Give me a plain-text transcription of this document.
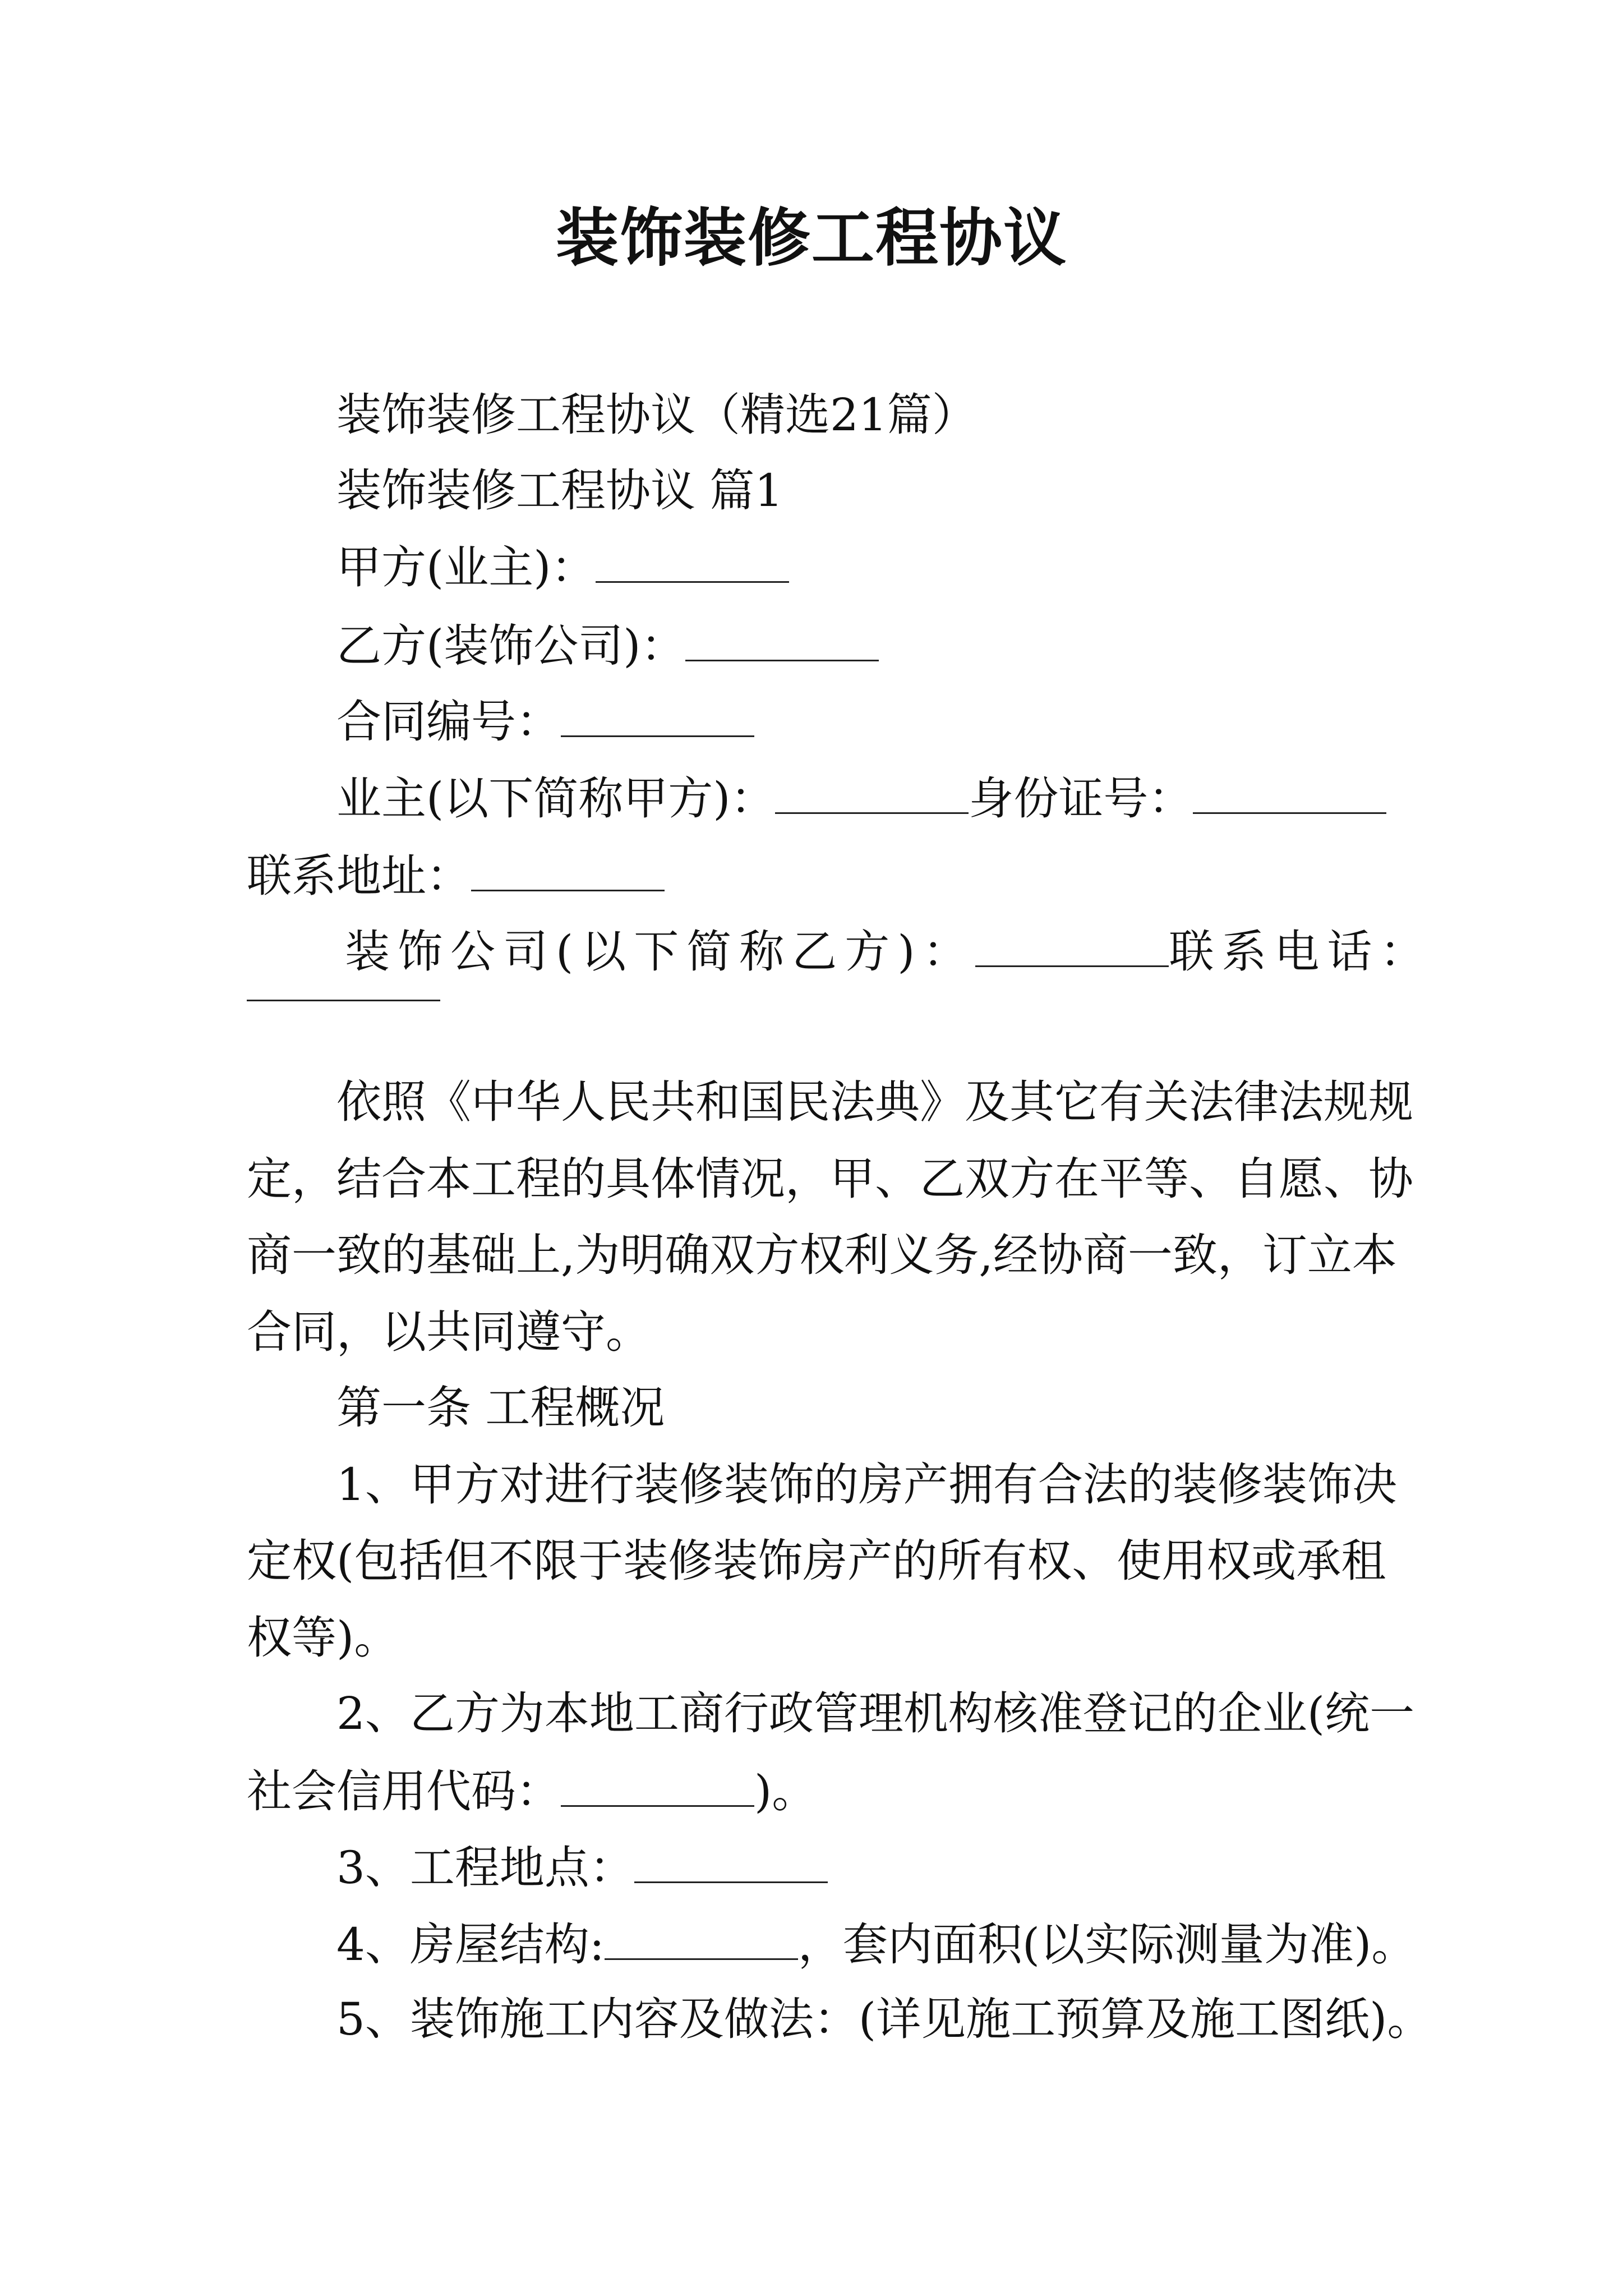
装饰装修工程协议
装饰装修工程协议（精选21篇）
装饰装修工程协议 篇1
甲方(业主)：
乙方(装饰公司)：
合同编号：
业主(以下简称甲方)：	身份证号：
联系地址：
装饰公司(以下简称乙方)：	联系电话：
依照《中华人民共和国民法典》及其它有关法律法规规
定，结合本工程的具体情况，甲、乙双方在平等、自愿、协
商一致的基础上,为明确双方权利义务,经协商一致，订立本
合同，以共同遵守。
第一条 工程概况
1、甲方对进行装修装饰的房产拥有合法的装修装饰决
定权(包括但不限于装修装饰房产的所有权、使用权或承租
权等)。
2、乙方为本地工商行政管理机构核准登记的企业(统一
社会信用代码：	)。
3、工程地点：
4、房屋结构:	，套内面积(以实际测量为准)。
5、装饰施工内容及做法：(详见施工预算及施工图纸)。
